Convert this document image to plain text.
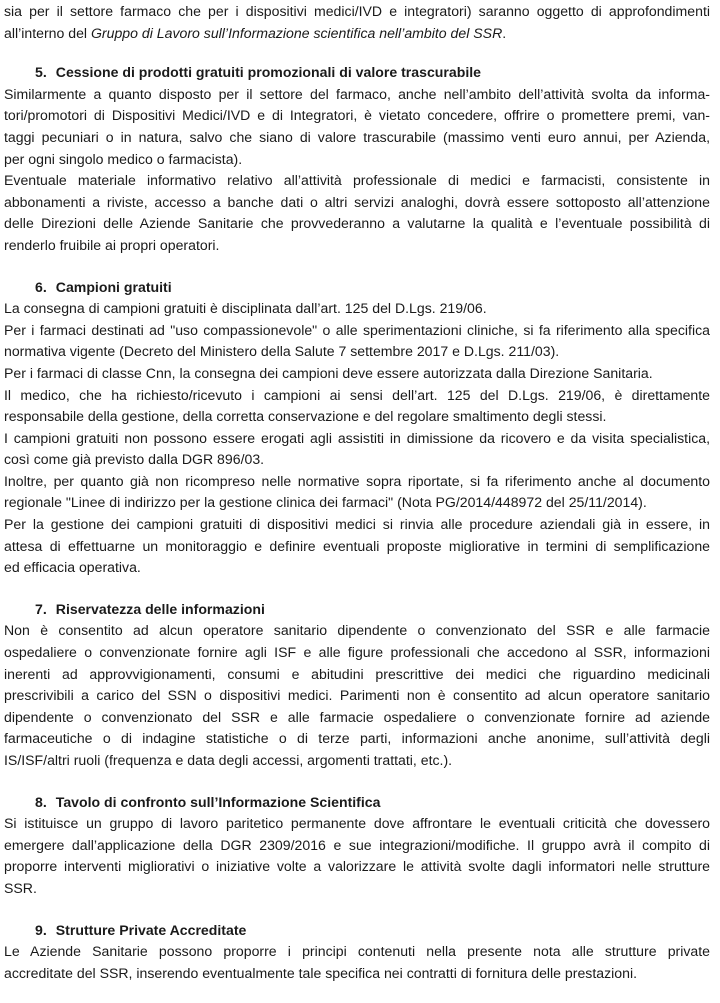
sia per il settore farmaco che per i dispositivi medici/IVD e integratori) saranno oggetto di approfondimenti
all’interno del Gruppo di Lavoro sull’Informazione scientifica nell’ambito del SSR.
5. Cessione di prodotti gratuiti promozionali di valore trascurabile
Similarmente a quanto disposto per il settore del farmaco, anche nell’ambito dell’attività svolta da informa-
tori/promotori di Dispositivi Medici/IVD e di Integratori, è vietato concedere, offrire o promettere premi, van-
taggi pecuniari o in natura, salvo che siano di valore trascurabile (massimo venti euro annui, per Azienda,
per ogni singolo medico o farmacista).
Eventuale materiale informativo relativo all’attività professionale di medici e farmacisti, consistente in
abbonamenti a riviste, accesso a banche dati o altri servizi analoghi, dovrà essere sottoposto all’attenzione
delle Direzioni delle Aziende Sanitarie che provvederanno a valutarne la qualità e l’eventuale possibilità di
renderlo fruibile ai propri operatori.
6. Campioni gratuiti
La consegna di campioni gratuiti è disciplinata dall’art. 125 del D.Lgs. 219/06.
Per i farmaci destinati ad "uso compassionevole" o alle sperimentazioni cliniche, si fa riferimento alla specifica
normativa vigente (Decreto del Ministero della Salute 7 settembre 2017 e D.Lgs. 211/03).
Per i farmaci di classe Cnn, la consegna dei campioni deve essere autorizzata dalla Direzione Sanitaria.
Il medico, che ha richiesto/ricevuto i campioni ai sensi dell’art. 125 del D.Lgs. 219/06, è direttamente
responsabile della gestione, della corretta conservazione e del regolare smaltimento degli stessi.
I campioni gratuiti non possono essere erogati agli assistiti in dimissione da ricovero e da visita specialistica,
così come già previsto dalla DGR 896/03.
Inoltre, per quanto già non ricompreso nelle normative sopra riportate, si fa riferimento anche al documento
regionale "Linee di indirizzo per la gestione clinica dei farmaci" (Nota PG/2014/448972 del 25/11/2014).
Per la gestione dei campioni gratuiti di dispositivi medici si rinvia alle procedure aziendali già in essere, in
attesa di effettuarne un monitoraggio e definire eventuali proposte migliorative in termini di semplificazione
ed efficacia operativa.
7. Riservatezza delle informazioni
Non è consentito ad alcun operatore sanitario dipendente o convenzionato del SSR e alle farmacie
ospedaliere o convenzionate fornire agli ISF e alle figure professionali che accedono al SSR, informazioni
inerenti ad approvvigionamenti, consumi e abitudini prescrittive dei medici che riguardino medicinali
prescrivibili a carico del SSN o dispositivi medici. Parimenti non è consentito ad alcun operatore sanitario
dipendente o convenzionato del SSR e alle farmacie ospedaliere o convenzionate fornire ad aziende
farmaceutiche o di indagine statistiche o di terze parti, informazioni anche anonime, sull’attività degli
IS/ISF/altri ruoli (frequenza e data degli accessi, argomenti trattati, etc.).
8. Tavolo di confronto sull’Informazione Scientifica
Si istituisce un gruppo di lavoro paritetico permanente dove affrontare le eventuali criticità che dovessero
emergere dall’applicazione della DGR 2309/2016 e sue integrazioni/modifiche. Il gruppo avrà il compito di
proporre interventi migliorativi o iniziative volte a valorizzare le attività svolte dagli informatori nelle strutture
SSR.
9. Strutture Private Accreditate
Le Aziende Sanitarie possono proporre i principi contenuti nella presente nota alle strutture private
accreditate del SSR, inserendo eventualmente tale specifica nei contratti di fornitura delle prestazioni.
